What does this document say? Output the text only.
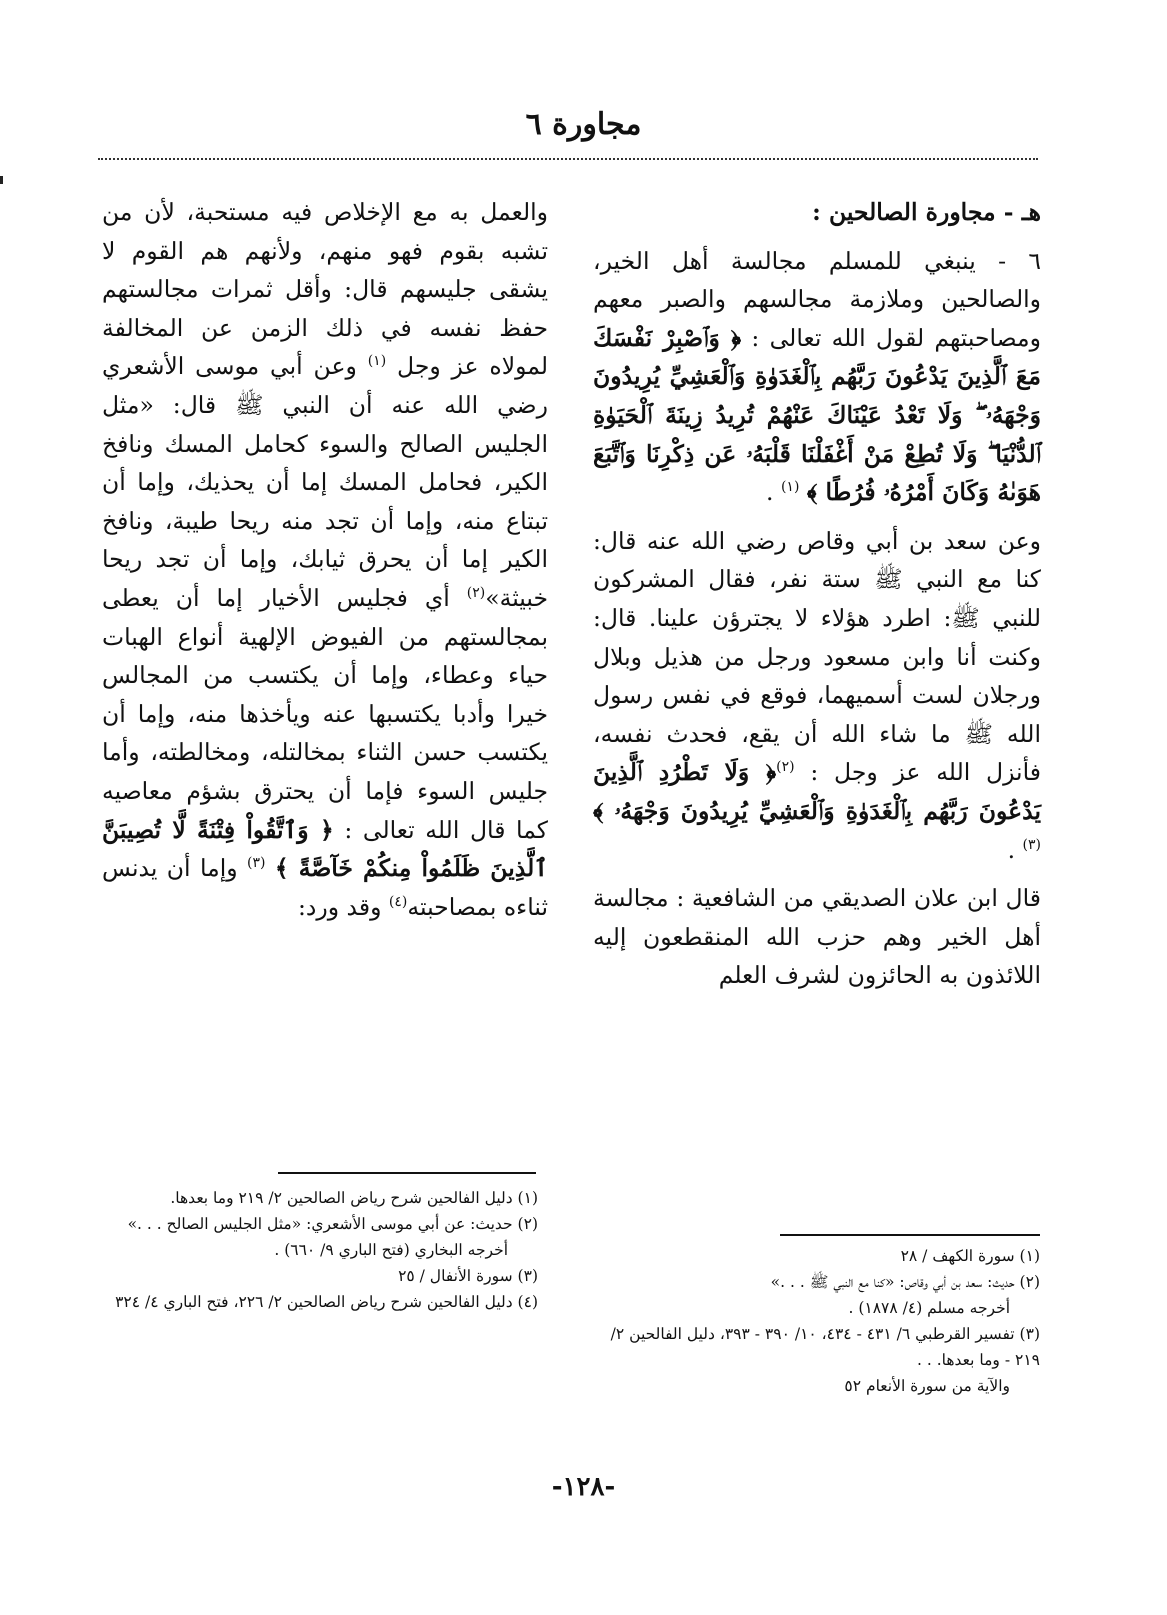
مجاورة ٦

هـ - مجاورة الصالحين :

٦ - ينبغي للمسلم مجالسة أهل الخير، والصالحين وملازمة مجالسهم والصبر معهم ومصاحبتهم لقول الله تعالى : ﴿ وَٱصْبِرْ نَفْسَكَ مَعَ ٱلَّذِينَ يَدْعُونَ رَبَّهُم بِٱلْغَدَوٰةِ وَٱلْعَشِيِّ يُرِيدُونَ وَجْهَهُۥ ۖ وَلَا تَعْدُ عَيْنَاكَ عَنْهُمْ تُرِيدُ زِينَةَ ٱلْحَيَوٰةِ ٱلدُّنْيَا ۖ وَلَا تُطِعْ مَنْ أَغْفَلْنَا قَلْبَهُۥ عَن ذِكْرِنَا وَٱتَّبَعَ هَوَىٰهُ وَكَانَ أَمْرُهُۥ فُرُطًا ﴾ $^{(١)}$ .

وعن سعد بن أبي وقاص رضي الله عنه قال: كنا مع النبي ﷺ ستة نفر، فقال المشركون للنبي ﷺ: اطرد هؤلاء لا يجترؤن علينا. قال: وكنت أنا وابن مسعود ورجل من هذيل وبلال ورجلان لست أسميهما، فوقع في نفس رسول الله ﷺ ما شاء الله أن يقع، فحدث نفسه، فأنزل الله عز وجل : $^{(٢)}$﴿ وَلَا تَطْرُدِ ٱلَّذِينَ يَدْعُونَ رَبَّهُم بِٱلْغَدَوٰةِ وَٱلْعَشِيِّ يُرِيدُونَ وَجْهَهُۥ ﴾ $^{(٣)}$ .

قال ابن علان الصديقي من الشافعية : مجالسة أهل الخير وهم حزب الله المنقطعون إليه اللائذون به الحائزون لشرف العلم

والعمل به مع الإخلاص فيه مستحبة، لأن من تشبه بقوم فهو منهم، ولأنهم هم القوم لا يشقى جليسهم قال: وأقل ثمرات مجالستهم حفظ نفسه في ذلك الزمن عن المخالفة لمولاه عز وجل $^{(١)}$ وعن أبي موسى الأشعري رضي الله عنه أن النبي ﷺ قال: «مثل الجليس الصالح والسوء كحامل المسك ونافخ الكير، فحامل المسك إما أن يحذيك، وإما أن تبتاع منه، وإما أن تجد منه ريحا طيبة، ونافخ الكير إما أن يحرق ثيابك، وإما أن تجد ريحا خبيثة»$^{(٢)}$ أي فجليس الأخيار إما أن يعطى بمجالستهم من الفيوض الإلهية أنواع الهبات حياء وعطاء، وإما أن يكتسب من المجالس خيرا وأدبا يكتسبها عنه ويأخذها منه، وإما أن يكتسب حسن الثناء بمخالتله، ومخالطته، وأما جليس السوء فإما أن يحترق بشؤم معاصيه كما قال الله تعالى : ﴿ وَٱتَّقُواْ فِتْنَةً لَّا تُصِيبَنَّ ٱلَّذِينَ ظَلَمُواْ مِنكُمْ خَآصَّةً ﴾ $^{(٣)}$ وإما أن يدنس ثناءه بمصاحبته$^{(٤)}$ وقد ورد:

(١) دليل الفالحين شرح رياض الصالحين ٢/ ٢١٩ وما بعدها.
(٢) حديث: عن أبي موسى الأشعري: «مثل الجليس الصالح . . .»
أخرجه البخاري (فتح الباري ٩/ ٦٦٠) .
(٣) سورة الأنفال / ٢٥
(٤) دليل الفالحين شرح رياض الصالحين ٢/ ٢٢٦، فتح الباري ٤/ ٣٢٤
(١) سورة الكهف / ٢٨
(٢) حديث: سعد بن أبي وقاص: «كنا مع النبي ﷺ . . .»
أخرجه مسلم (٤/ ١٨٧٨) .
(٣) تفسير القرطبي ٦/ ٤٣١ - ٤٣٤، ١٠/ ٣٩٠ - ٣٩٣، دليل الفالحين ٢/ ٢١٩ - وما بعدها. . .
والآية من سورة الأنعام ٥٢
-١٢٨-
